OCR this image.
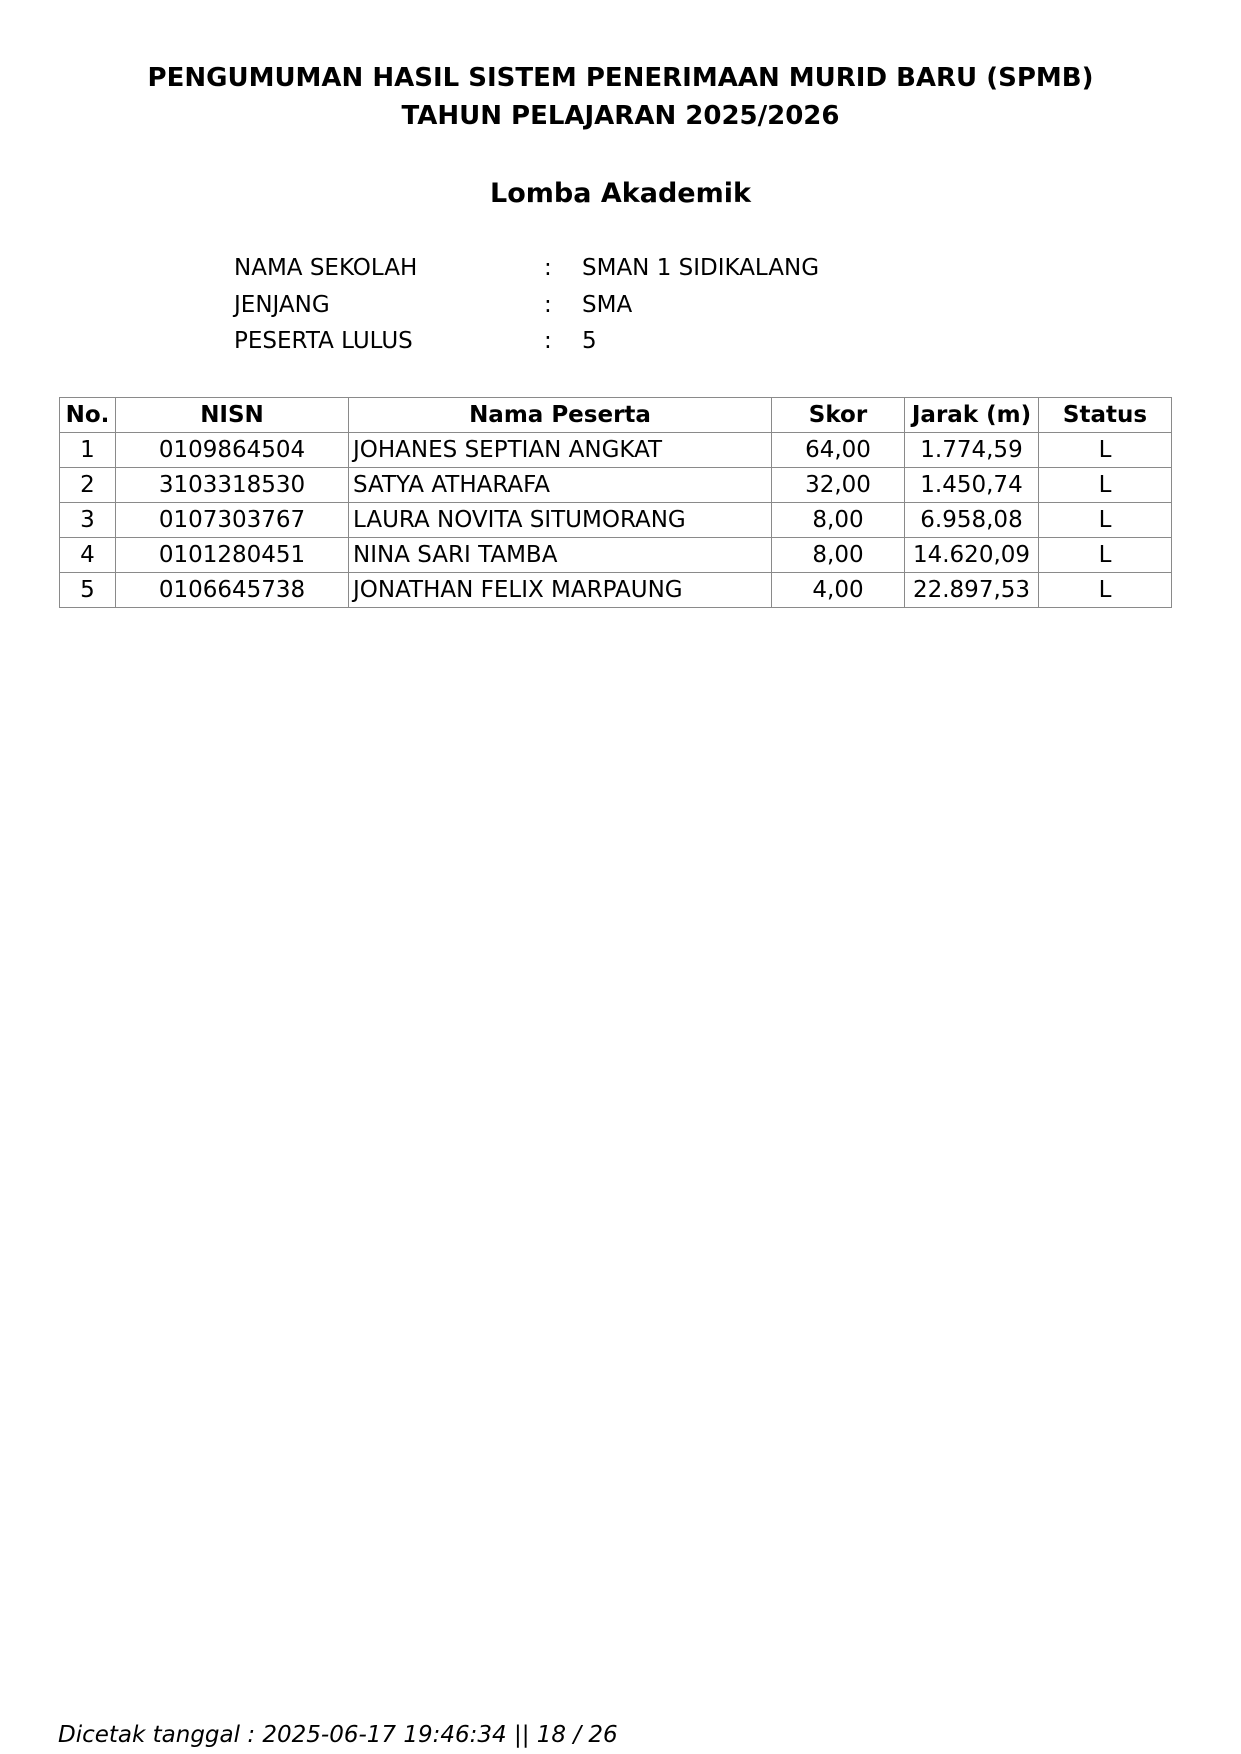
PENGUMUMAN HASIL SISTEM PENERIMAAN MURID BARU (SPMB)
TAHUN PELAJARAN 2025/2026
Lomba Akademik
NAMA SEKOLAH	: SMAN 1 SIDIKALANG
JENJANG	: SMA
PESERTA LULUS	: 5
No.	NISN	Nama Peserta	Skor	Jarak (m)	Status
1	0109864504	JOHANES SEPTIAN ANGKAT	64,00	1.774,59	L
2	3103318530	SATYA ATHARAFA	32,00	1.450,74	L
3	0107303767	LAURA NOVITA SITUMORANG	8,00	6.958,08	L
4	0101280451	NINA SARI TAMBA	8,00	14.620,09	L
5	0106645738	JONATHAN FELIX MARPAUNG	4,00	22.897,53	L
Dicetak tanggal : 2025-06-17 19:46:34 || 18 / 26
